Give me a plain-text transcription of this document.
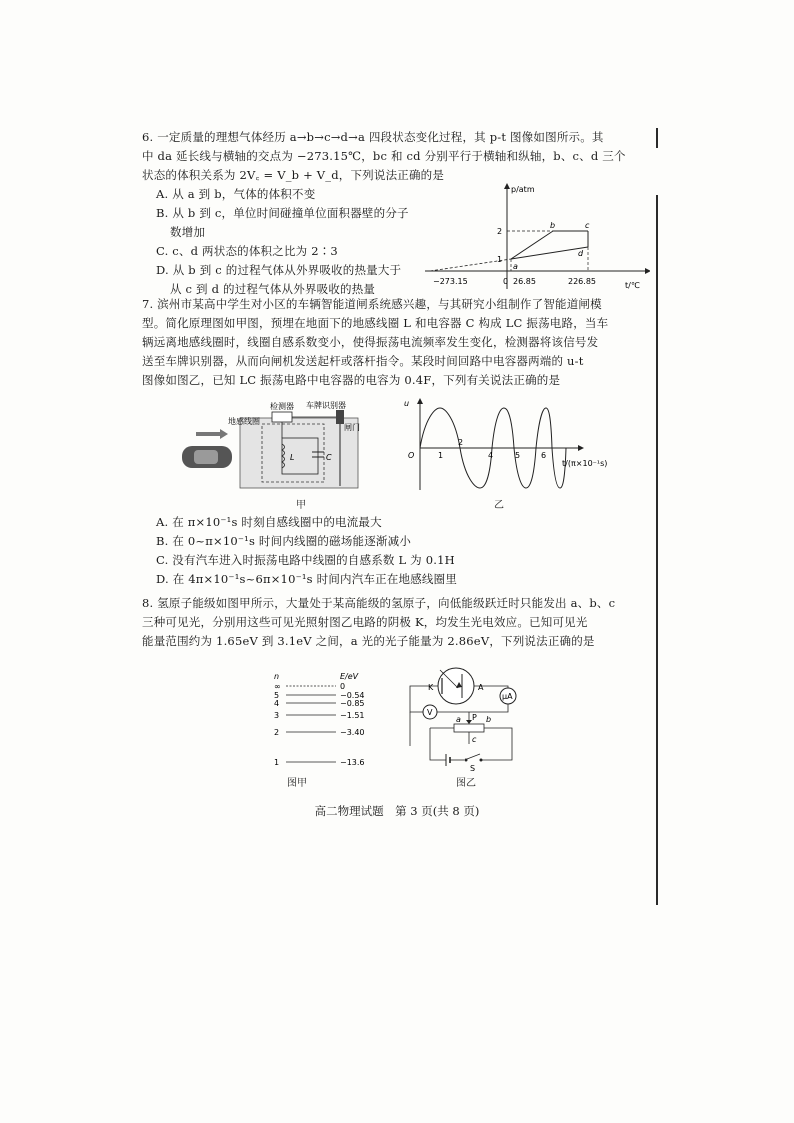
6. 一定质量的理想气体经历 a→b→c→d→a 四段状态变化过程，其 p-t 图像如图所示。其

中 da 延长线与横轴的交点为 −273.15℃，bc 和 cd 分别平行于横轴和纵轴，b、c、d 三个

状态的体积关系为 2V꜀ = V_b + V_d，下列说法正确的是

A. 从 a 到 b，气体的体积不变

B. 从 b 到 c，单位时间碰撞单位面积器壁的分子

数增加

C. c、d 两状态的体积之比为 2∶3

D. 从 b 到 c 的过程气体从外界吸收的热量大于

从 c 到 d 的过程气体从外界吸收的热量

p/atm
t/℃
2
1
−273.15	0 26.85	226.85
a
b	c
d

7. 滨州市某高中学生对小区的车辆智能道闸系统感兴趣，与其研究小组制作了智能道闸模

型。简化原理图如甲图，预埋在地面下的地感线圈 L 和电容器 C 构成 LC 振荡电路，当车

辆远离地感线圈时，线圈自感系数变小，使得振荡电流频率发生变化，检测器将该信号发

送至车牌识别器，从而向闸机发送起杆或落杆指令。某段时间回路中电容器两端的 u-t

图像如图乙，已知 LC 振荡电路中电容器的电容为 0.4F，下列有关说法正确的是

检测器 车牌识别器
地感线圈
闸门
L	C
甲
u
O
t/(π×10⁻¹s)
1
2
4	5	6
乙

A. 在 π×10⁻¹s 时刻自感线圈中的电流最大

B. 在 0~π×10⁻¹s 时间内线圈的磁场能逐渐减小

C. 没有汽车进入时振荡电路中线圈的自感系数 L 为 0.1H

D. 在 4π×10⁻¹s~6π×10⁻¹s 时间内汽车正在地感线圈里

8. 氢原子能级如图甲所示，大量处于某高能级的氢原子，向低能级跃迁时只能发出 a、b、c

三种可见光，分别用这些可见光照射图乙电路的阴极 K，均发生光电效应。已知可见光

能量范围约为 1.65eV 到 3.1eV 之间，a 光的光子能量为 2.86eV，下列说法正确的是

n	E/eV
∞	0
5	−0.54
4	−0.85
3	−1.51
2	−3.40
1	−13.6
图甲
K	A
μA
V
a P b
c
S
图乙
高二物理试题　第 3 页(共 8 页)
